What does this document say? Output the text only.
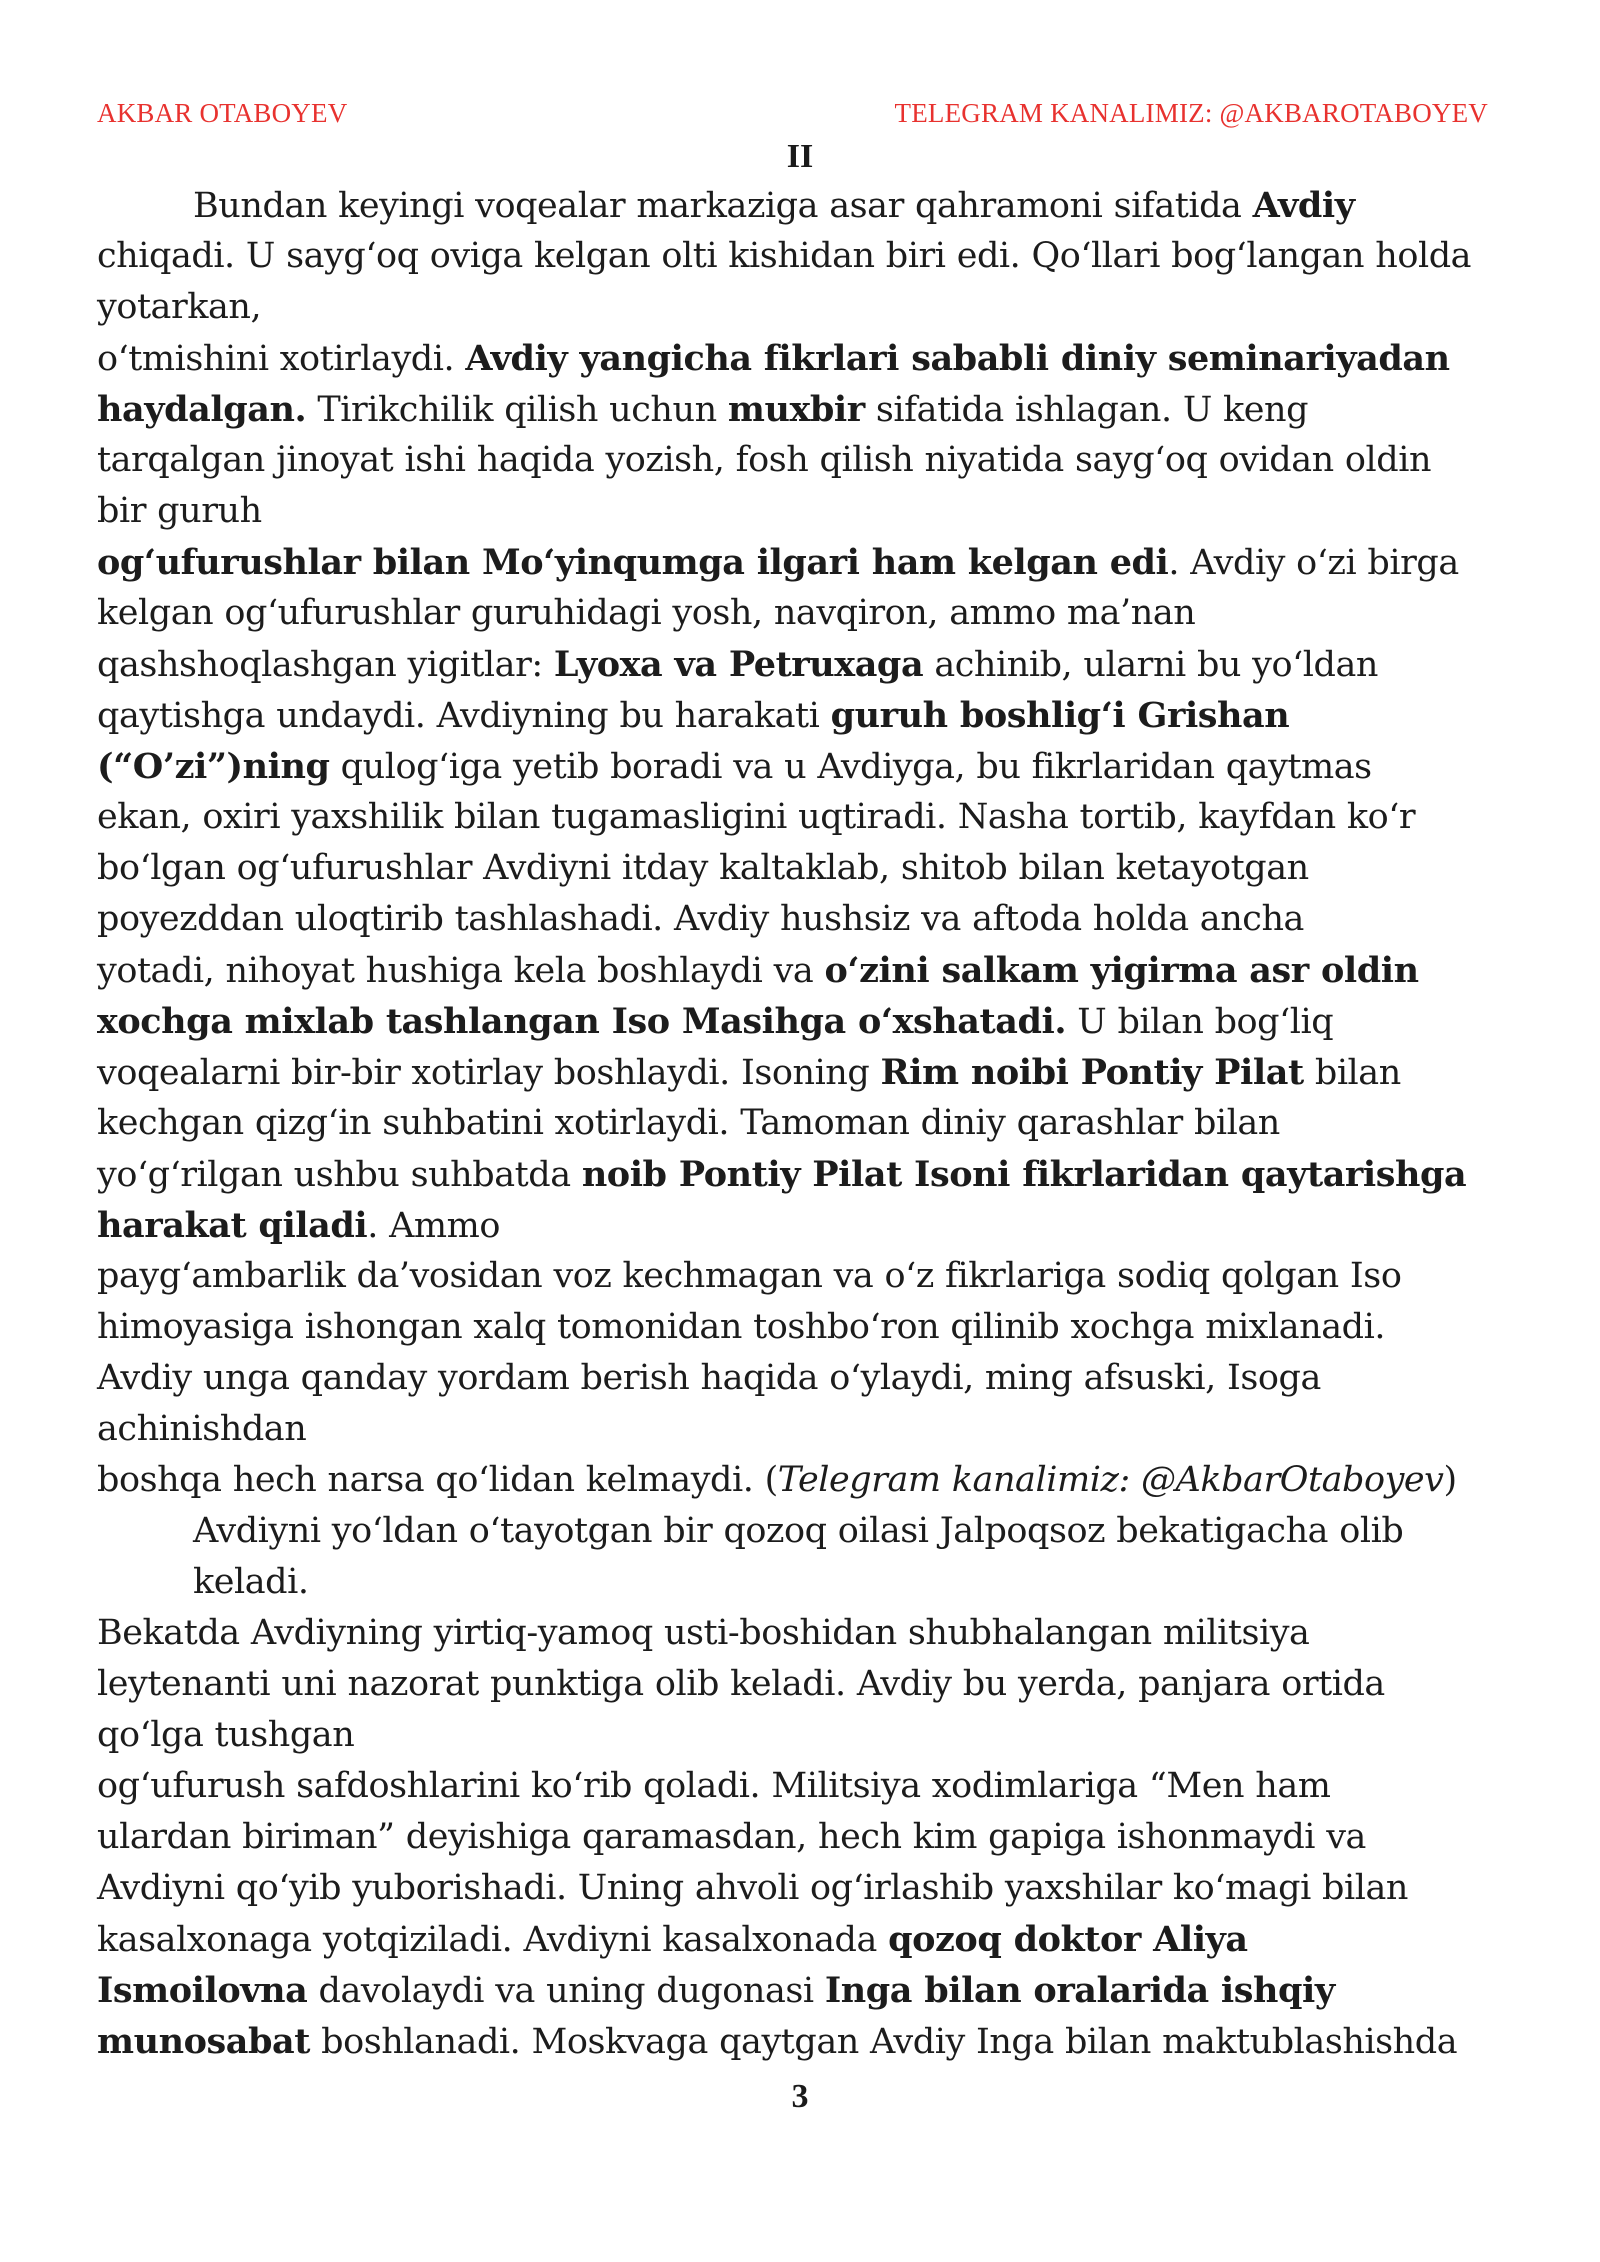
AKBAR OTABOYEV	TELEGRAM KANALIMIZ: @AKBAROTABOYEV
II
Bundan keyingi voqealar markaziga asar qahramoni sifatida Avdiy
chiqadi. U sayg‘oq oviga kelgan olti kishidan biri edi. Qo‘llari bog‘langan holda
yotarkan,
o‘tmishini xotirlaydi. Avdiy yangicha fikrlari sababli diniy seminariyadan
haydalgan. Tirikchilik qilish uchun muxbir sifatida ishlagan. U keng
tarqalgan jinoyat ishi haqida yozish, fosh qilish niyatida sayg‘oq ovidan oldin
bir guruh
og‘ufurushlar bilan Mo‘yinqumga ilgari ham kelgan edi. Avdiy o‘zi birga
kelgan og‘ufurushlar guruhidagi yosh, navqiron, ammo ma’nan
qashshoqlashgan yigitlar: Lyoxa va Petruxaga achinib, ularni bu yo‘ldan
qaytishga undaydi. Avdiyning bu harakati guruh boshlig‘i Grishan
(“O’zi”)ning qulog‘iga yetib boradi va u Avdiyga, bu fikrlaridan qaytmas
ekan, oxiri yaxshilik bilan tugamasligini uqtiradi. Nasha tortib, kayfdan ko‘r
bo‘lgan og‘ufurushlar Avdiyni itday kaltaklab, shitob bilan ketayotgan
poyezddan uloqtirib tashlashadi. Avdiy hushsiz va aftoda holda ancha
yotadi, nihoyat hushiga kela boshlaydi va o‘zini salkam yigirma asr oldin
xochga mixlab tashlangan Iso Masihga o‘xshatadi. U bilan bog‘liq
voqealarni bir-bir xotirlay boshlaydi. Isoning Rim noibi Pontiy Pilat bilan
kechgan qizg‘in suhbatini xotirlaydi. Tamoman diniy qarashlar bilan
yo‘g‘rilgan ushbu suhbatda noib Pontiy Pilat Isoni fikrlaridan qaytarishga
harakat qiladi. Ammo
payg‘ambarlik da’vosidan voz kechmagan va o‘z fikrlariga sodiq qolgan Iso
himoyasiga ishongan xalq tomonidan toshbo‘ron qilinib xochga mixlanadi.
Avdiy unga qanday yordam berish haqida o‘ylaydi, ming afsuski, Isoga
achinishdan
boshqa hech narsa qo‘lidan kelmaydi. (Telegram kanalimiz: @AkbarOtaboyev)
Avdiyni yo‘ldan o‘tayotgan bir qozoq oilasi Jalpoqsoz bekatigacha olib
keladi.
Bekatda Avdiyning yirtiq-yamoq usti-boshidan shubhalangan militsiya
leytenanti uni nazorat punktiga olib keladi. Avdiy bu yerda, panjara ortida
qo‘lga tushgan
og‘ufurush safdoshlarini ko‘rib qoladi. Militsiya xodimlariga “Men ham
ulardan biriman” deyishiga qaramasdan, hech kim gapiga ishonmaydi va
Avdiyni qo‘yib yuborishadi. Uning ahvoli og‘irlashib yaxshilar ko‘magi bilan
kasalxonaga yotqiziladi. Avdiyni kasalxonada qozoq doktor Aliya
Ismoilovna davolaydi va uning dugonasi Inga bilan oralarida ishqiy
munosabat boshlanadi. Moskvaga qaytgan Avdiy Inga bilan maktublashishda
3
